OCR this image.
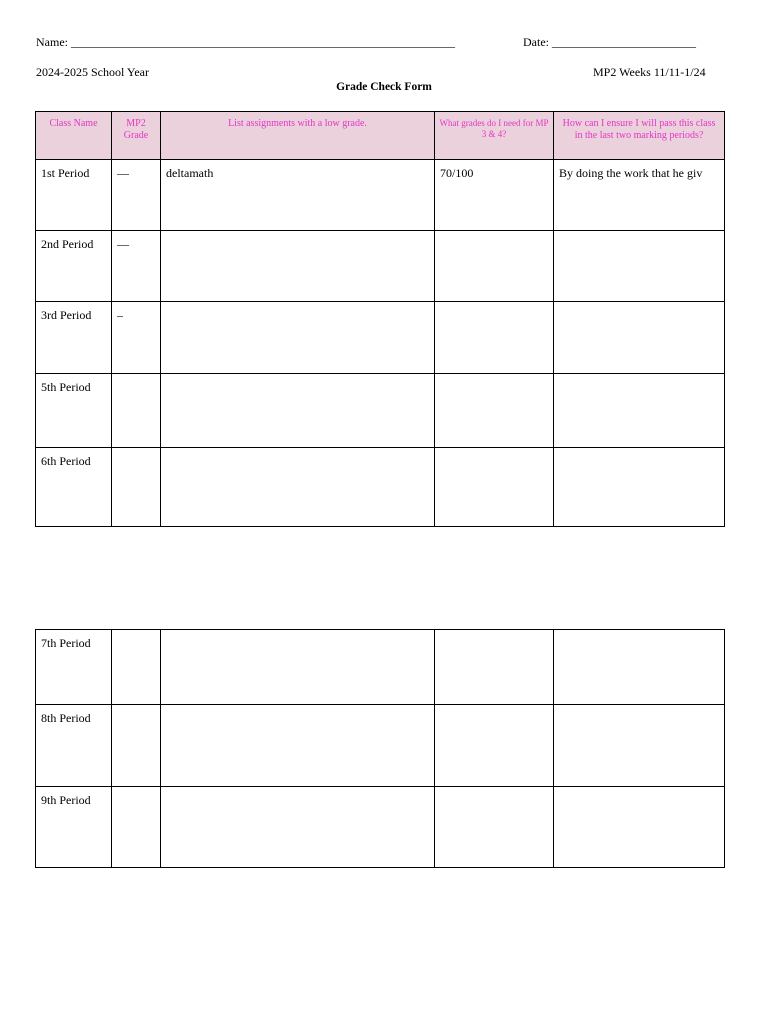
Name: ________________________________________________________________	Date: ________________________
2024-2025 School Year	MP2 Weeks 11/11-1/24
Grade Check Form
Class Name	MP2 Grade	List assignments with a low grade.	What grades do I need for MP 3 & 4?	How can I ensure I will pass this class in the last two marking periods?

1st Period	—	deltamath	70/100	By doing the work that he giv

2nd Period	—			

3rd Period	–			

5th Period				

6th Period				

7th Period				

8th Period				

9th Period				
